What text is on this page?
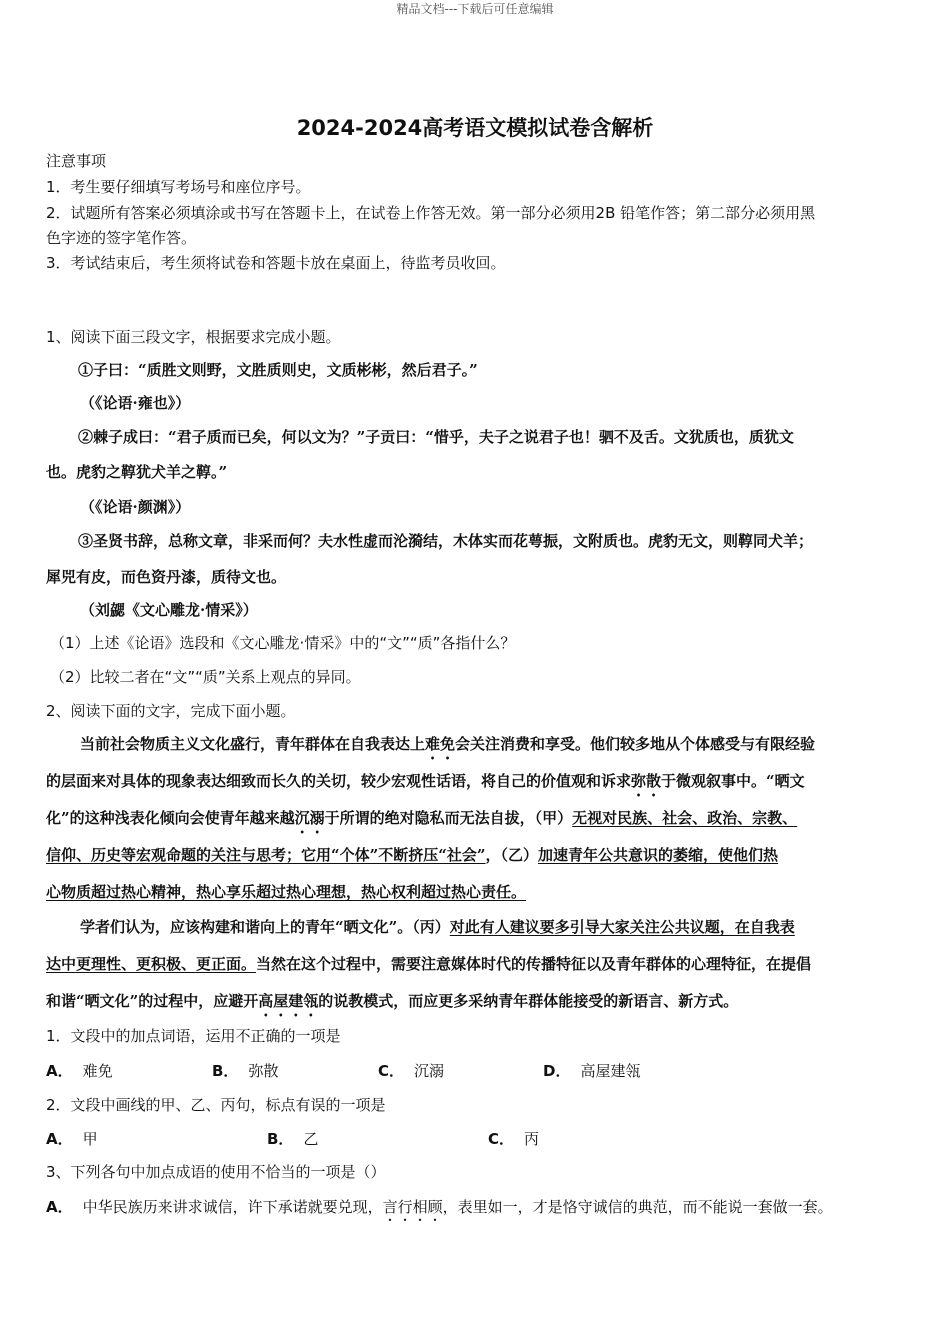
精品文档---下载后可任意编辑
2024-2024高考语文模拟试卷含解析
注意事项
1．考生要仔细填写考场号和座位序号。
2．试题所有答案必须填涂或书写在答题卡上，在试卷上作答无效。第一部分必须用2B 铅笔作答；第二部分必须用黑
色字迹的签字笔作答。
3．考试结束后，考生须将试卷和答题卡放在桌面上，待监考员收回。
1、阅读下面三段文字，根据要求完成小题。
①子曰：“质胜文则野，文胜质则史，文质彬彬，然后君子。”
（《论语·雍也》）
②棘子成曰：“君子质而已矣，何以文为？”子贡曰：“惜乎，夫子之说君子也！驷不及舌。文犹质也，质犹文
也。虎豹之鞟犹犬羊之鞟。”
（《论语·颜渊》）
③圣贤书辞，总称文章，非采而何？夫水性虚而沦漪结，木体实而花萼振，文附质也。虎豹无文，则鞟同犬羊；
犀兕有皮，而色资丹漆，质待文也。
（刘勰《文心雕龙·情采》）
（1）上述《论语》选段和《文心雕龙·情采》中的“文”“质”各指什么？
（2）比较二者在“文”“质”关系上观点的异同。
2、阅读下面的文字，完成下面小题。
当前社会物质主义文化盛行，青年群体在自我表达上难免会关注消费和享受。他们较多地从个体感受与有限经验
的层面来对具体的现象表达细致而长久的关切，较少宏观性话语，将自己的价值观和诉求弥散于微观叙事中。“晒文
化”的这种浅表化倾向会使青年越来越沉溺于所谓的绝对隐私而无法自拔，（甲）无视对民族、社会、政治、宗教、
信仰、历史等宏观命题的关注与思考；它用“个体”不断挤压“社会”，（乙）加速青年公共意识的萎缩，使他们热
心物质超过热心精神，热心享乐超过热心理想，热心权利超过热心责任。
学者们认为，应该构建和谐向上的青年“晒文化”。（丙）对此有人建议要多引导大家关注公共议题，在自我表
达中更理性、更积极、更正面。当然在这个过程中，需要注意媒体时代的传播特征以及青年群体的心理特征，在提倡
和谐“晒文化”的过程中，应避开高屋建瓴的说教模式，而应更多采纳青年群体能接受的新语言、新方式。
1．文段中的加点词语，运用不正确的一项是
A． 难免	B． 弥散	C． 沉溺	D． 高屋建瓴
2．文段中画线的甲、乙、丙句，标点有误的一项是
A． 甲	B． 乙	C． 丙
3、下列各句中加点成语的使用不恰当的一项是（）
A． 中华民族历来讲求诚信，许下承诺就要兑现，言行相顾，表里如一，才是恪守诚信的典范，而不能说一套做一套。
